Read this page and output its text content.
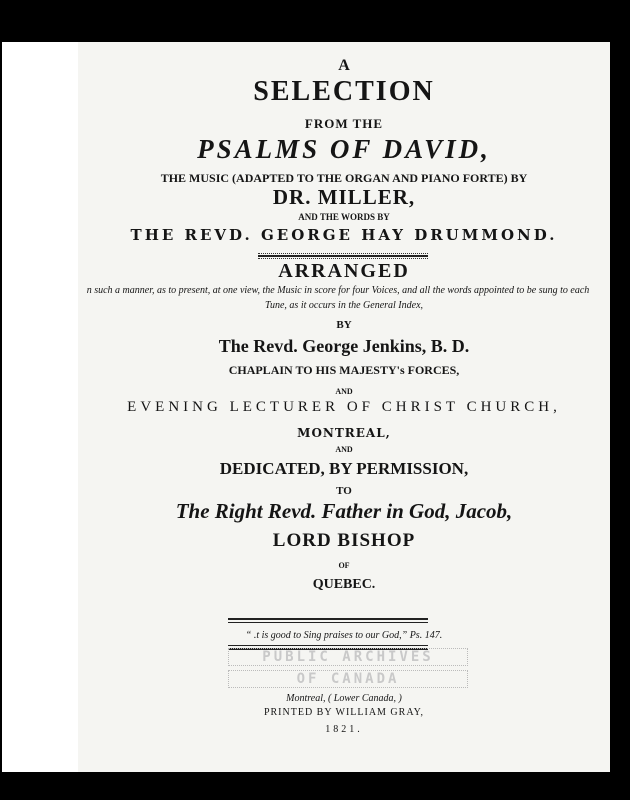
A
SELECTION
FROM THE
PSALMS OF DAVID,
THE MUSIC (ADAPTED TO THE ORGAN AND PIANO FORTE) BY
DR. MILLER,
AND THE WORDS BY
THE REVD. GEORGE HAY DRUMMOND.
ARRANGED
n such a manner, as to present, at one view, the Music in score for four Voices, and all the words appointed to be sung to each
Tune, as it occurs in the General Index,
BY
The Revd. George Jenkins, B. D.
CHAPLAIN TO HIS MAJESTY's FORCES,
AND
EVENING LECTURER OF CHRIST CHURCH,
MONTREAL,
AND
DEDICATED, BY PERMISSION,
TO
The Right Revd. Father in God, Jacob,
LORD BISHOP
OF
QUEBEC.
“ .t is good to Sing praises to our God,” Ps. 147.
PUBLIC ARCHIVES
OF CANADA
Montreal, ( Lower Canada, )
PRINTED BY WILLIAM GRAY,
1821.
